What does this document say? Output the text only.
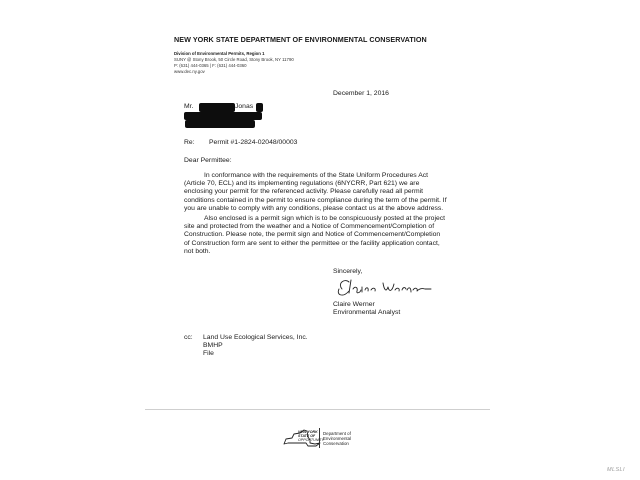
NEW YORK STATE DEPARTMENT OF ENVIRONMENTAL CONSERVATION
Division of Environmental Permits, Region 1
SUNY @ Stony Brook, 50 Circle Road, Stony Brook, NY 11790
P: (631) 444-0365 | F: (631) 444-0360
www.dec.ny.gov
December 1, 2016
Mr.	Jonas
Re: Permit #1-2824-02048/00003
Dear Permittee:
In conformance with the requirements of the State Uniform Procedures Act
(Article 70, ECL) and its implementing regulations (6NYCRR, Part 621) we are
enclosing your permit for the referenced activity. Please carefully read all permit
conditions contained in the permit to ensure compliance during the term of the permit. If
you are unable to comply with any conditions, please contact us at the above address.
Also enclosed is a permit sign which is to be conspicuously posted at the project
site and protected from the weather and a Notice of Commencement/Completion of
Construction. Please note, the permit sign and Notice of Commencement/Completion
of Construction form are sent to either the permittee or the facility application contact,
not both.
Sincerely,
Claire Werner
Environmental Analyst
cc: Land Use Ecological Services, Inc.
BMHP
File
NEW YORK
STATE OF
OPPORTUNITY.
Department of
Environmental
Conservation
MLSLI
